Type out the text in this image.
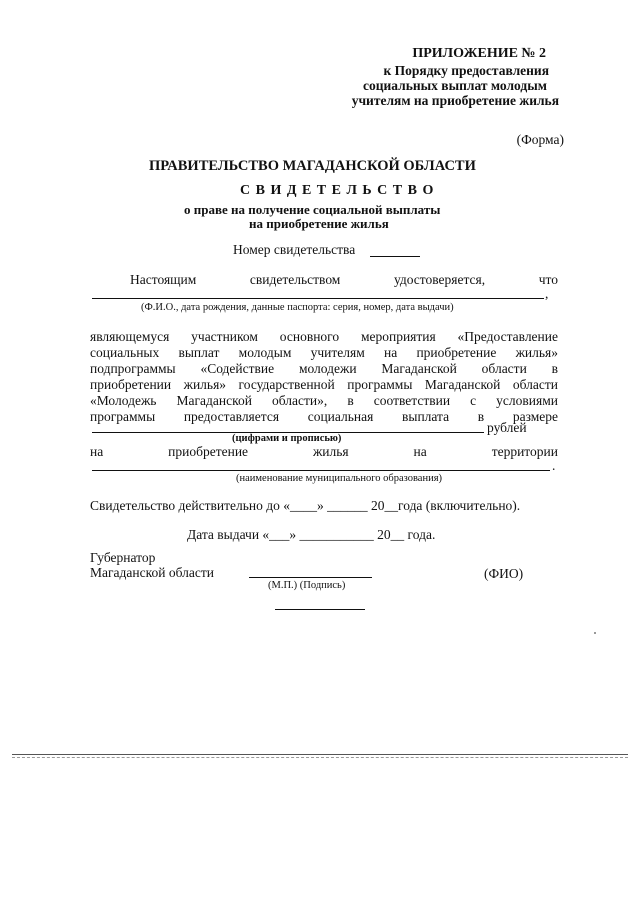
ПРИЛОЖЕНИЕ № 2
к Порядку предоставления
социальных выплат молодым
учителям на приобретение жилья
(Форма)
ПРАВИТЕЛЬСТВО МАГАДАНСКОЙ ОБЛАСТИ
С В И Д Е Т Е Л Ь С Т В О
о праве на получение социальной выплаты
на приобретение жилья
Номер свидетельства
Настоящим	свидетельством	удостоверяется,	что
,
(Ф.И.О., дата рождения, данные паспорта: серия, номер, дата выдачи)
являющемуся участником основного мероприятия «Предоставление
социальных выплат молодым учителям на приобретение жилья»
подпрограммы «Содействие молодежи Магаданской области в
приобретении жилья» государственной программы Магаданской области
«Молодежь Магаданской области», в соответствии с условиями
программы предоставляется социальная выплата в размере
рублей
(цифрами и прописью)
на	приобретение	жилья	на	территории
.
(наименование муниципального образования)
Свидетельство действительно до «____» ______ 20__года (включительно).
Дата выдачи «___» ___________ 20__ года.
Губернатор
Магаданской области
(М.П.) (Подпись)
(ФИО)
